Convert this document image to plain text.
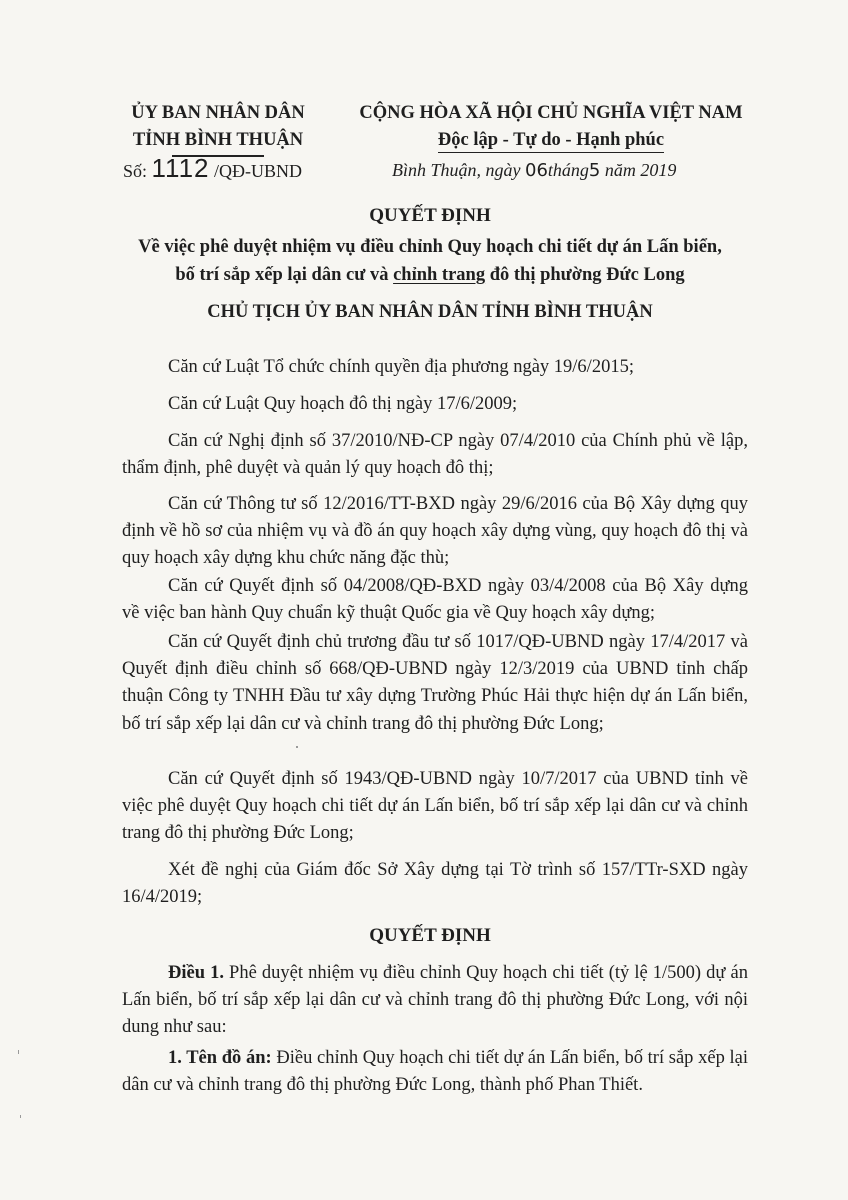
ỦY BAN NHÂN DÂN
TỈNH BÌNH THUẬN
Số: 1112 /QĐ-UBND
CỘNG HÒA XÃ HỘI CHỦ NGHĨA VIỆT NAM
Độc lập - Tự do - Hạnh phúc
Bình Thuận, ngày 06tháng5 năm 2019
QUYẾT ĐỊNH
Về việc phê duyệt nhiệm vụ điều chỉnh Quy hoạch chi tiết dự án Lấn biển,
bố trí sắp xếp lại dân cư và chỉnh trang đô thị phường Đức Long
CHỦ TỊCH ỦY BAN NHÂN DÂN TỈNH BÌNH THUẬN
Căn cứ Luật Tổ chức chính quyền địa phương ngày 19/6/2015;
Căn cứ Luật Quy hoạch đô thị ngày 17/6/2009;
Căn cứ Nghị định số 37/2010/NĐ-CP ngày 07/4/2010 của Chính phủ về lập, thẩm định, phê duyệt và quản lý quy hoạch đô thị;
Căn cứ Thông tư số 12/2016/TT-BXD ngày 29/6/2016 của Bộ Xây dựng quy định về hồ sơ của nhiệm vụ và đồ án quy hoạch xây dựng vùng, quy hoạch đô thị và quy hoạch xây dựng khu chức năng đặc thù;
Căn cứ Quyết định số 04/2008/QĐ-BXD ngày 03/4/2008 của Bộ Xây dựng về việc ban hành Quy chuẩn kỹ thuật Quốc gia về Quy hoạch xây dựng;
Căn cứ Quyết định chủ trương đầu tư số 1017/QĐ-UBND ngày 17/4/2017 và Quyết định điều chỉnh số 668/QĐ-UBND ngày 12/3/2019 của UBND tỉnh chấp thuận Công ty TNHH Đầu tư xây dựng Trường Phúc Hải thực hiện dự án Lấn biển, bố trí sắp xếp lại dân cư và chỉnh trang đô thị phường Đức Long;
Căn cứ Quyết định số 1943/QĐ-UBND ngày 10/7/2017 của UBND tỉnh về việc phê duyệt Quy hoạch chi tiết dự án Lấn biển, bố trí sắp xếp lại dân cư và chỉnh trang đô thị phường Đức Long;
Xét đề nghị của Giám đốc Sở Xây dựng tại Tờ trình số 157/TTr-SXD ngày 16/4/2019;
QUYẾT ĐỊNH
Điều 1. Phê duyệt nhiệm vụ điều chỉnh Quy hoạch chi tiết (tỷ lệ 1/500) dự án Lấn biển, bố trí sắp xếp lại dân cư và chỉnh trang đô thị phường Đức Long, với nội dung như sau:
1. Tên đồ án: Điều chỉnh Quy hoạch chi tiết dự án Lấn biển, bố trí sắp xếp lại dân cư và chỉnh trang đô thị phường Đức Long, thành phố Phan Thiết.
